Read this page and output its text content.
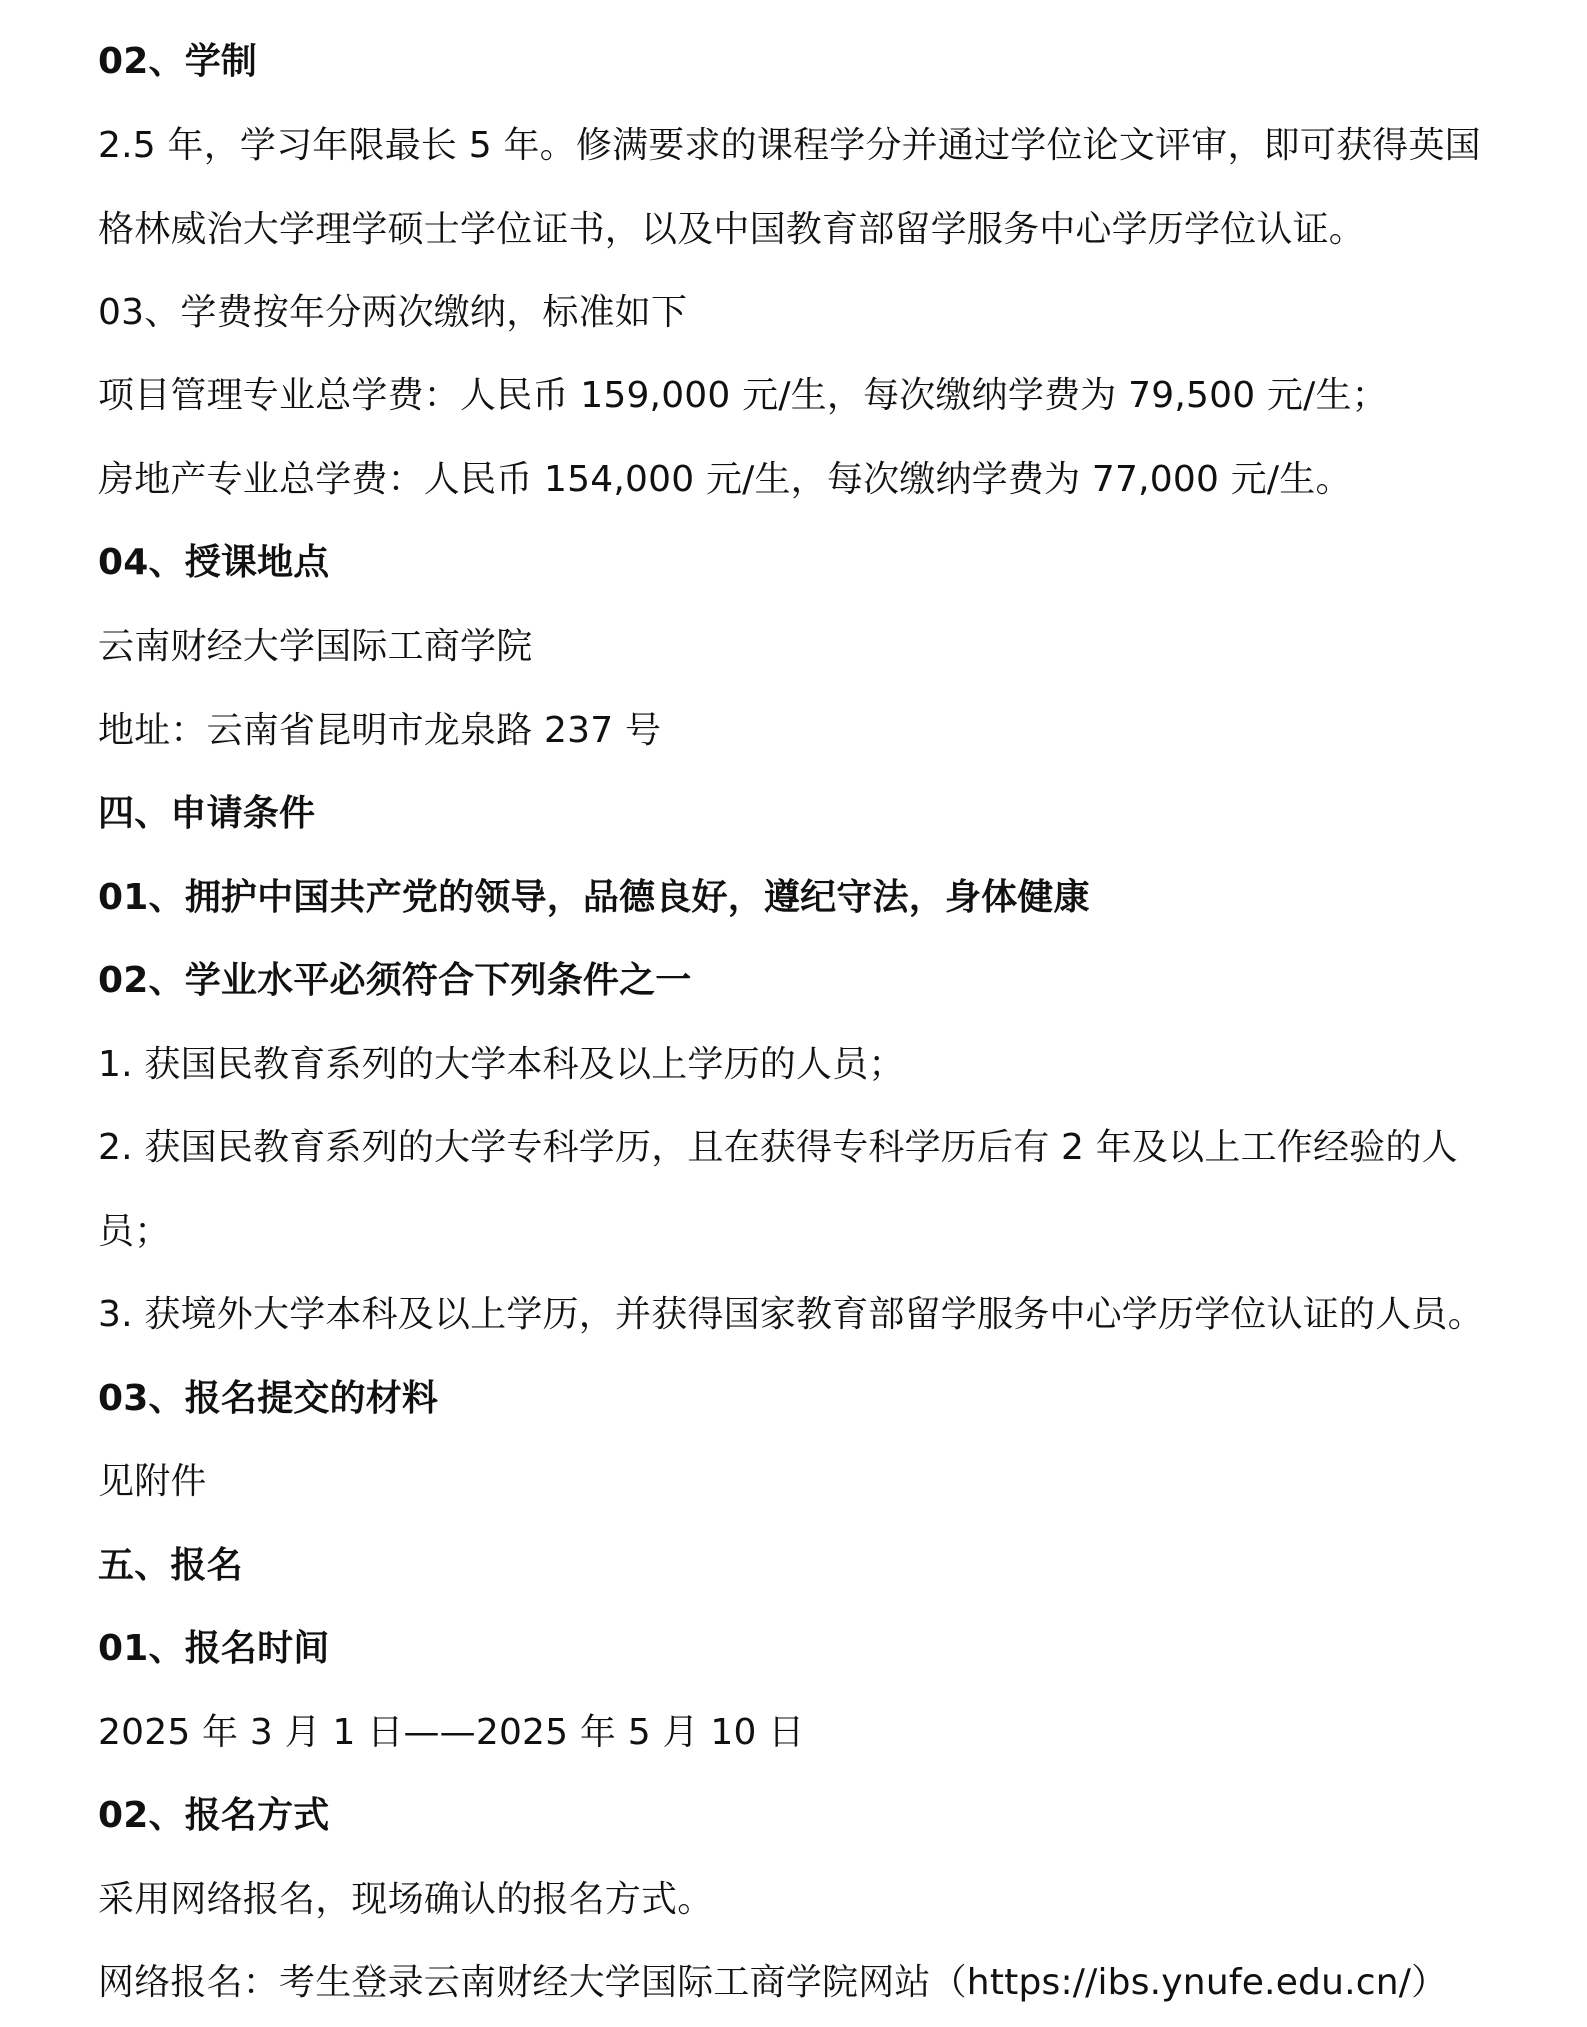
02、学制
2.5 年，学习年限最长 5 年。修满要求的课程学分并通过学位论文评审，即可获得英国
格林威治大学理学硕士学位证书，以及中国教育部留学服务中心学历学位认证。
03、学费按年分两次缴纳，标准如下
项目管理专业总学费：人民币 159,000 元/生，每次缴纳学费为 79,500 元/生；
房地产专业总学费：人民币 154,000 元/生，每次缴纳学费为 77,000 元/生。
04、授课地点
云南财经大学国际工商学院
地址：云南省昆明市龙泉路 237 号
四、申请条件
01、拥护中国共产党的领导，品德良好，遵纪守法，身体健康
02、学业水平必须符合下列条件之一
1. 获国民教育系列的大学本科及以上学历的人员；
2. 获国民教育系列的大学专科学历，且在获得专科学历后有 2 年及以上工作经验的人
员；
3. 获境外大学本科及以上学历，并获得国家教育部留学服务中心学历学位认证的人员。
03、报名提交的材料
见附件
五、报名
01、报名时间
2025 年 3 月 1 日——2025 年 5 月 10 日
02、报名方式
采用网络报名，现场确认的报名方式。
网络报名：考生登录云南财经大学国际工商学院网站（https://ibs.ynufe.edu.cn/）
